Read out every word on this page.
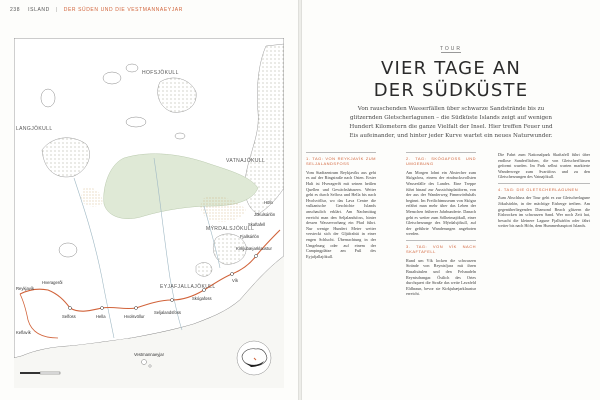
238 ISLAND | DER SÜDEN UND DIE VESTMANNAEYJAR
LANGJÖKULL
HOFSJÖKULL
VATNAJÖKULL
MÝRDALSJÖKULL
EYJAFJALLAJÖKULL
Vík
Skógafoss
Seljalandsfoss
Hvolsvöllur
Hella
Selfoss
Vestmannaeyjar
Kirkjubæjarklaustur
Skaftafell
Fjallsárlón
Jökulsárlón
Höfn
Hveragerði
Reykjavík
Keflavík
TOUR
VIER TAGE AN
DER SÜDKÜSTE
Von rauschenden Wasserfällen über schwarze Sandstrände bis zu glitzernden Gletscherlagunen – die Südküste Islands zeigt auf wenigen Hundert Kilometern die ganze Vielfalt der Insel. Hier treffen Feuer und Eis aufeinander, und hinter jeder Kurve wartet ein neues Naturwunder.
1. TAG: VON REYKJAVÍK ZUM SELJALANDSFOSS

Vom Stadtzentrum Reykjavíks aus geht es auf der Ringstraße nach Osten. Erster Halt ist Hveragerði mit seinen heißen Quellen und Gewächshäusern. Weiter geht es durch Selfoss und Hella bis nach Hvolsvöllur, wo das Lava Centre die vulkanische Geschichte Islands anschaulich erklärt. Am Nachmittag erreicht man den Seljalandsfoss, hinter dessen Wasservorhang ein Pfad führt. Nur wenige Hundert Meter weiter versteckt sich der Gljúfrabúi in einer engen Schlucht. Übernachtung in der Umgebung oder auf einem der Campingplätze am Fuß des Eyjafjallajökull.

2. TAG: SKÓGAFOSS UND UMGEBUNG

Am Morgen lohnt ein Abstecher zum Skógafoss, einem der eindrucksvollsten Wasserfälle des Landes. Eine Treppe führt hinauf zur Aussichtsplattform, von der aus der Wanderweg Fimmvörðuháls beginnt. Im Freilichtmuseum von Skógar erfährt man mehr über das Leben der Menschen früherer Jahrhunderte. Danach geht es weiter zum Sólheimajökull, einer Gletscherzunge des Mýrdalsjökull, auf der geführte Wanderungen angeboten werden.

3. TAG: VON VÍK NACH SKAFTAFELL

Rund um Vík locken die schwarzen Strände von Reynisfjara mit ihren Basaltsäulen und den Felsnadeln Reynisdrangar. Östlich des Ortes durchquert die Straße das weite Lavafeld Eldhraun, bevor sie Kirkjubæjarklaustur erreicht.

Die Fahrt zum Nationalpark Skaftafell führt über endlose Sanderflächen, die von Gletscherflüssen geformt wurden. Im Park selbst warten markierte Wanderwege zum Svartifoss und zu den Gletscherzungen des Vatnajökull.

4. TAG: DIE GLETSCHERLAGUNEN

Zum Abschluss der Tour geht es zur Gletscherlagune Jökulsárlón, in der mächtige Eisberge treiben. Am gegenüberliegenden Diamond Beach glitzern die Eisbrocken im schwarzen Sand. Wer noch Zeit hat, besucht die kleinere Lagune Fjallsárlón oder fährt weiter bis nach Höfn, dem Hummerhauptort Islands.
